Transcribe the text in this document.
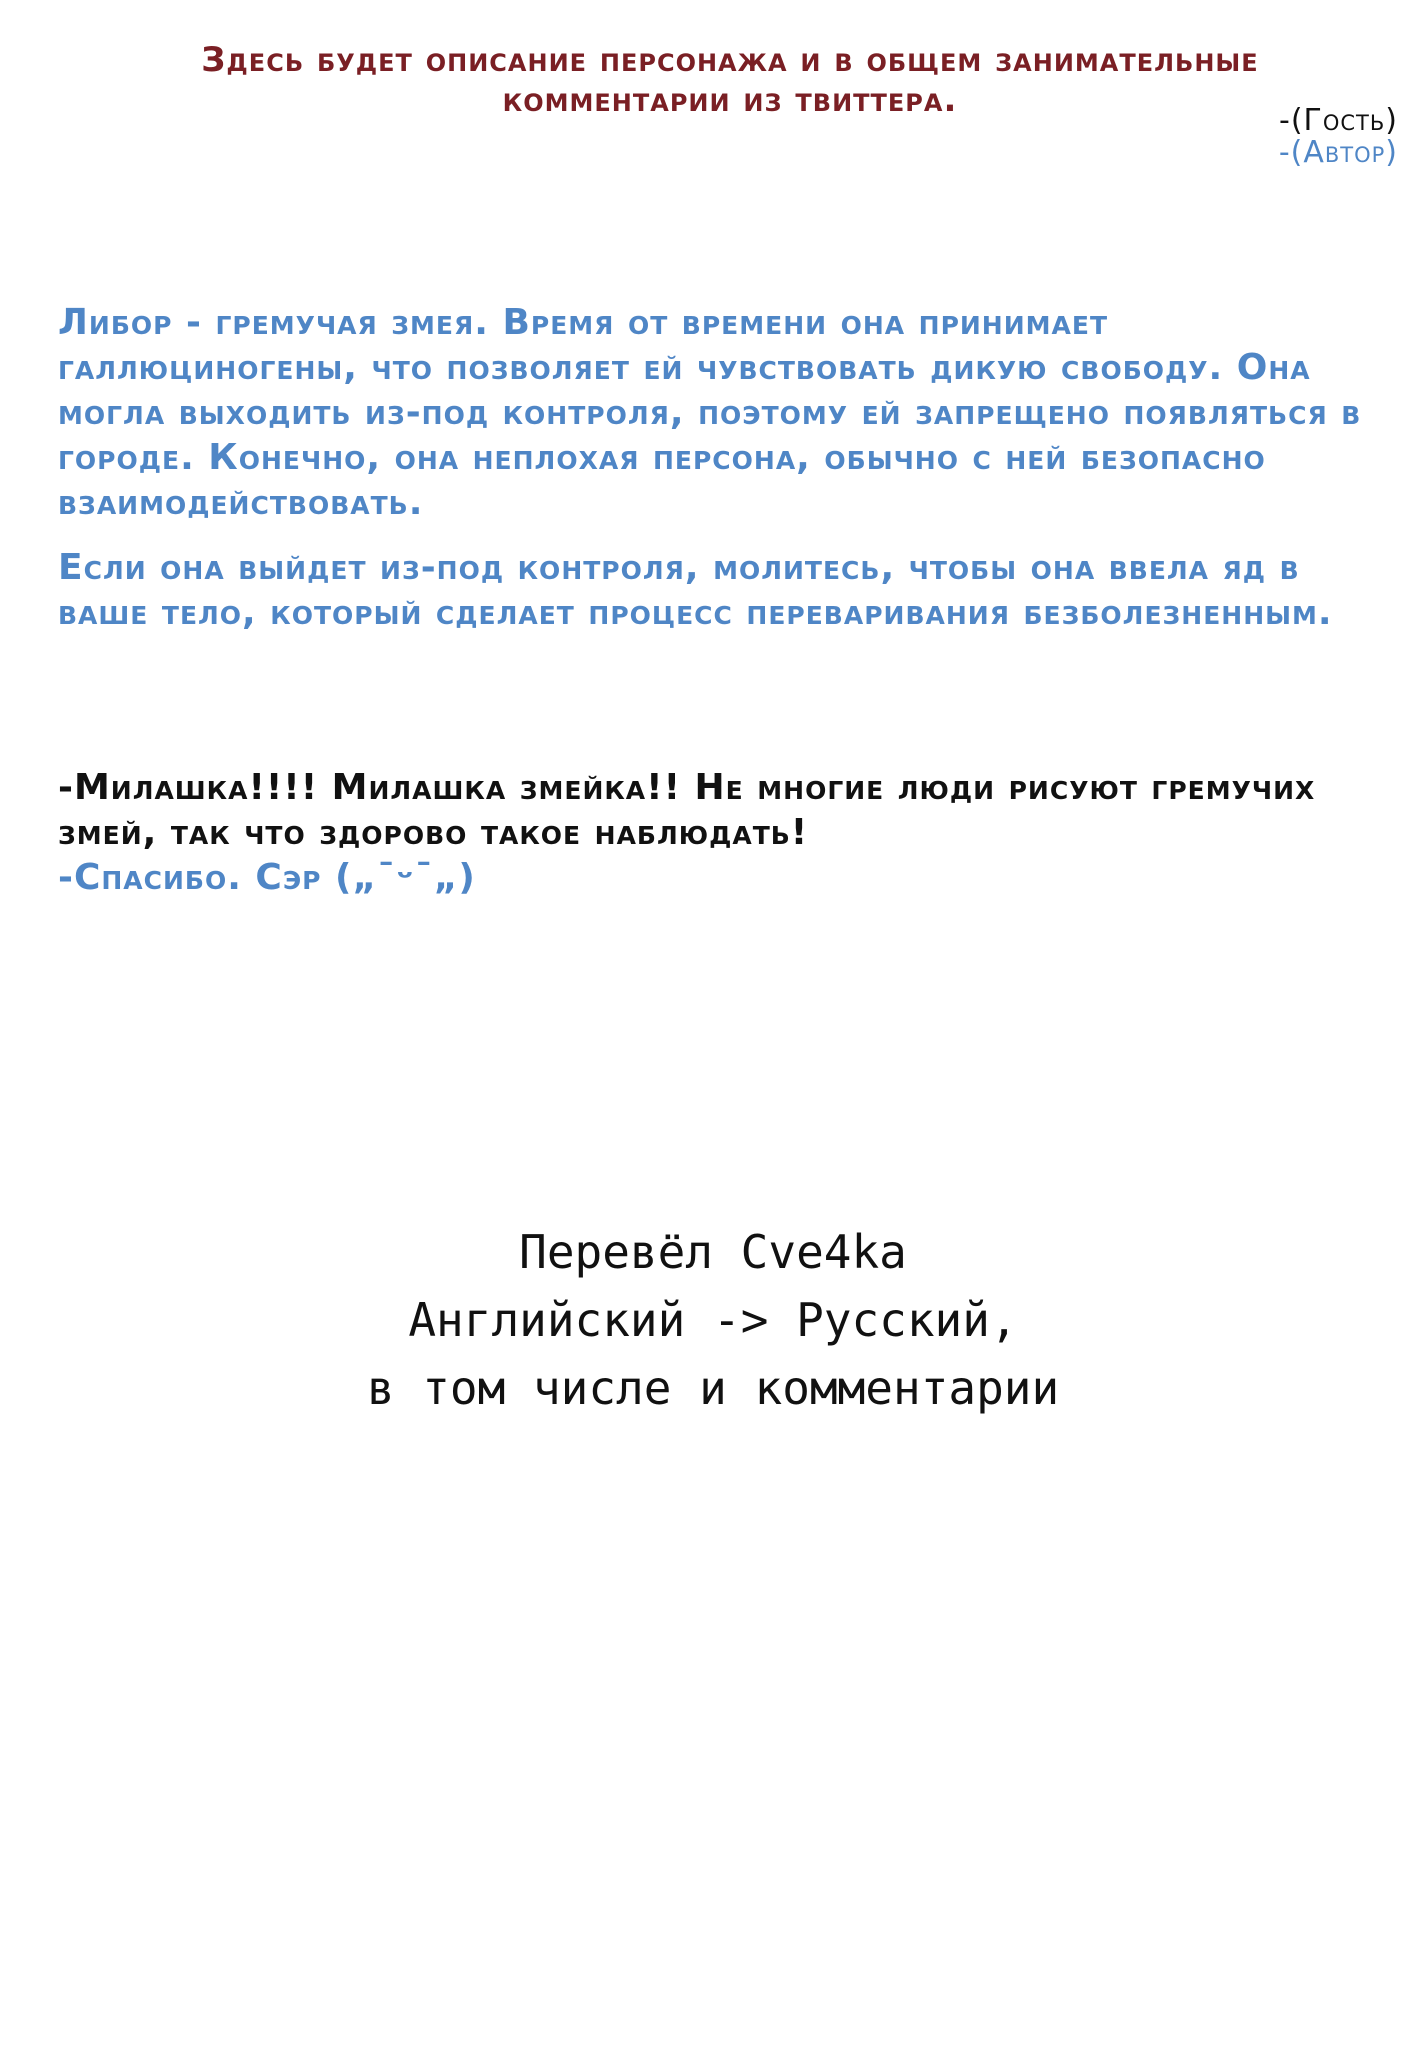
Здесь будет описание персонажа и в общем занимательные
комментарии из твиттера.
-(Гость)
-(Автор)

Либор - гремучая змея. Время от времени она принимает галлюциногены, что позволяет ей чувствовать дикую свободу. Она могла выходить из-под контроля, поэтому ей запрещено появляться в городе. Конечно, она неплохая персона, обычно с ней безопасно взаимодействовать.

Если она выйдет из-под контроля, молитесь, чтобы она ввела яд в ваше тело, который сделает процесс переваривания безболезненным.

-Милашка!!!! Милашка змейка!! Не многие люди рисуют гремучих змей, так что здорово такое наблюдать!
-Спасибо. Сэр („¯ᵕ¯„)
Перевёл Cve4ka
Английский -> Русский,
в том числе и комментарии
